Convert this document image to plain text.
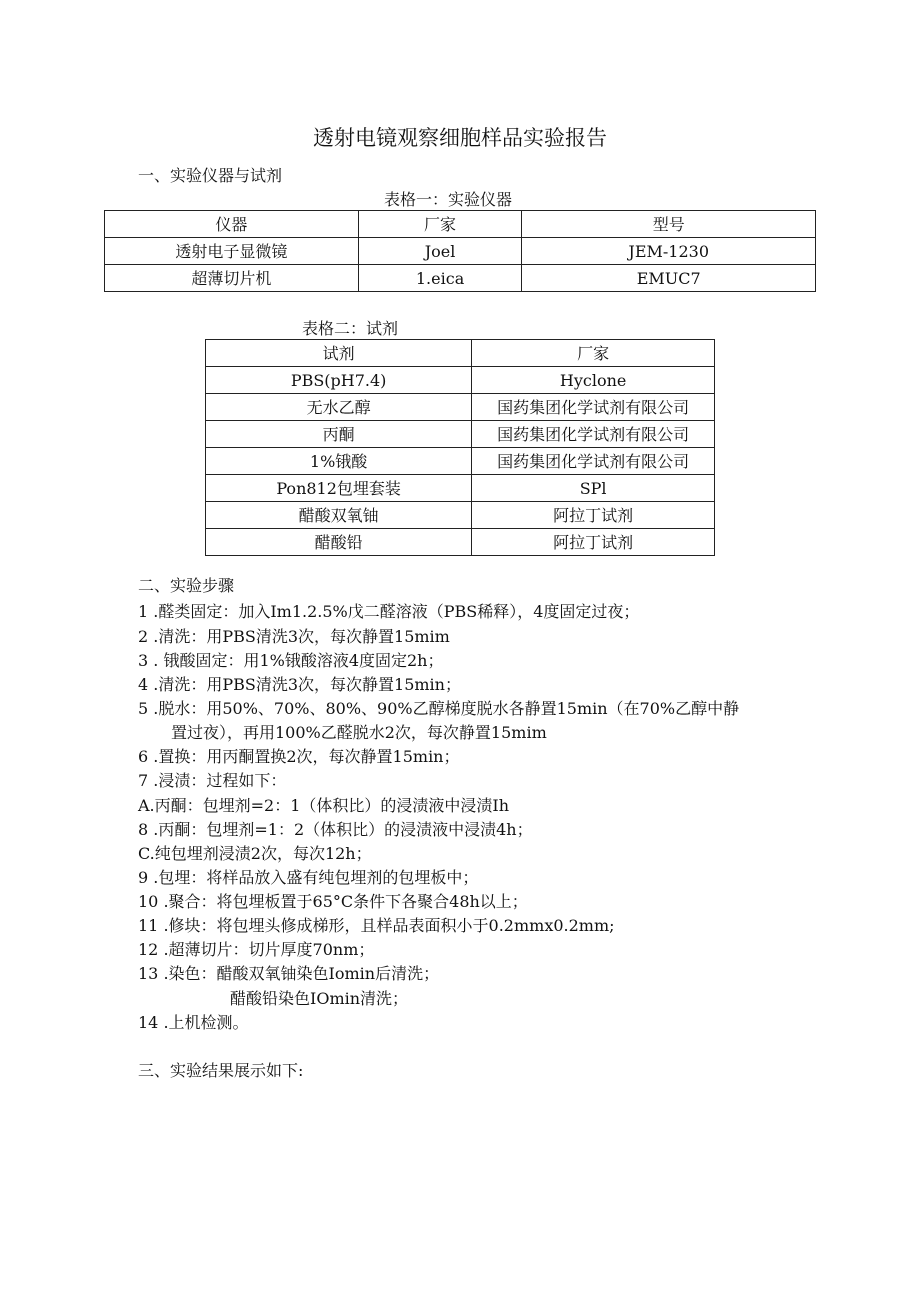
透射电镜观察细胞样品实验报告
一、实验仪器与试剂
表格一：实验仪器
仪器	厂家	型号
透射电子显微镜	Joel	JEM-1230
超薄切片机	1.eica	EMUC7
表格二：试剂
试剂	厂家
PBS(pH7.4)	Hyclone
无水乙醇	国药集团化学试剂有限公司
丙酮	国药集团化学试剂有限公司
1%锇酸	国药集团化学试剂有限公司
Pon812包埋套装	SPl
醋酸双氧铀	阿拉丁试剂
醋酸铅	阿拉丁试剂
二、实验步骤
1 .醛类固定：加入Im1.2.5%戊二醛溶液（PBS稀释），4度固定过夜；
2 .清洗：用PBS清洗3次，每次静置15mim
3 . 锇酸固定：用1%锇酸溶液4度固定2h；
4 .清洗：用PBS清洗3次，每次静置15min；
5 .脱水：用50%、70%、80%、90%乙醇梯度脱水各静置15min（在70%乙醇中静
置过夜），再用100%乙醛脱水2次，每次静置15mim
6 .置换：用丙酮置换2次，每次静置15min；
7 .浸渍：过程如下：
A.丙酮：包埋剂=2：1（体积比）的浸渍液中浸渍Ih
8 .丙酮：包埋剂=1：2（体积比）的浸渍液中浸渍4h；
C.纯包埋剂浸渍2次，每次12h；
9 .包埋：将样品放入盛有纯包埋剂的包埋板中；
10 .聚合：将包埋板置于65°C条件下各聚合48h以上；
11 .修块：将包埋头修成梯形，且样品表面积小于0.2mmx0.2mm;
12 .超薄切片：切片厚度70nm；
13 .染色：醋酸双氧铀染色Iomin后清洗；
醋酸铅染色IOmin清洗；
14 .上机检测。
三、实验结果展示如下:
